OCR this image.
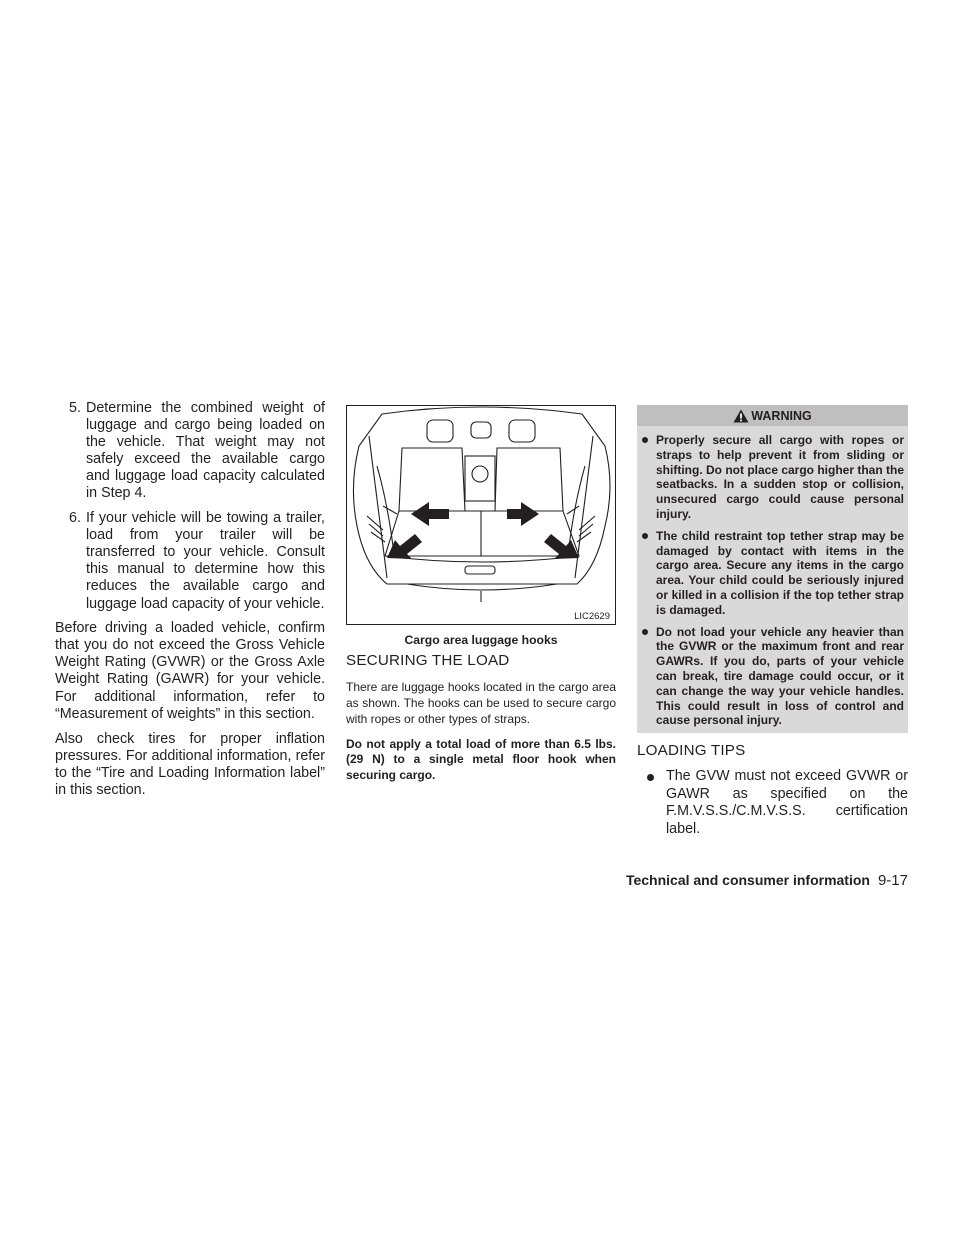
5. Determine the combined weight of luggage and cargo being loaded on the vehicle. That weight may not safely exceed the available cargo and luggage load capacity calculated in Step 4.
6. If your vehicle will be towing a trailer, load from your trailer will be transferred to your vehicle. Consult this manual to determine how this reduces the available cargo and luggage load capacity of your vehicle.

Before driving a loaded vehicle, confirm that you do not exceed the Gross Vehicle Weight Rating (GVWR) or the Gross Axle Weight Rating (GAWR) for your vehicle. For additional information, refer to “Measurement of weights” in this section.

Also check tires for proper inflation pressures. For additional information, refer to the “Tire and Loading Information label” in this section.

LIC2629
Cargo area luggage hooks
SECURING THE LOAD

There are luggage hooks located in the cargo area as shown. The hooks can be used to secure cargo with ropes or other types of straps.

Do not apply a total load of more than 6.5 lbs. (29 N) to a single metal floor hook when securing cargo.

WARNING
Properly secure all cargo with ropes or straps to help prevent it from sliding or shifting. Do not place cargo higher than the seatbacks. In a sudden stop or collision, unsecured cargo could cause personal injury.
The child restraint top tether strap may be damaged by contact with items in the cargo area. Secure any items in the cargo area. Your child could be seriously injured or killed in a collision if the top tether strap is damaged.
Do not load your vehicle any heavier than the GVWR or the maximum front and rear GAWRs. If you do, parts of your vehicle can break, tire damage could occur, or it can change the way your vehicle handles. This could result in loss of control and cause personal injury.
LOADING TIPS
The GVW must not exceed GVWR or GAWR as specified on the F.M.V.S.S./C.M.V.S.S. certification label.
Technical and consumer information 9-17
